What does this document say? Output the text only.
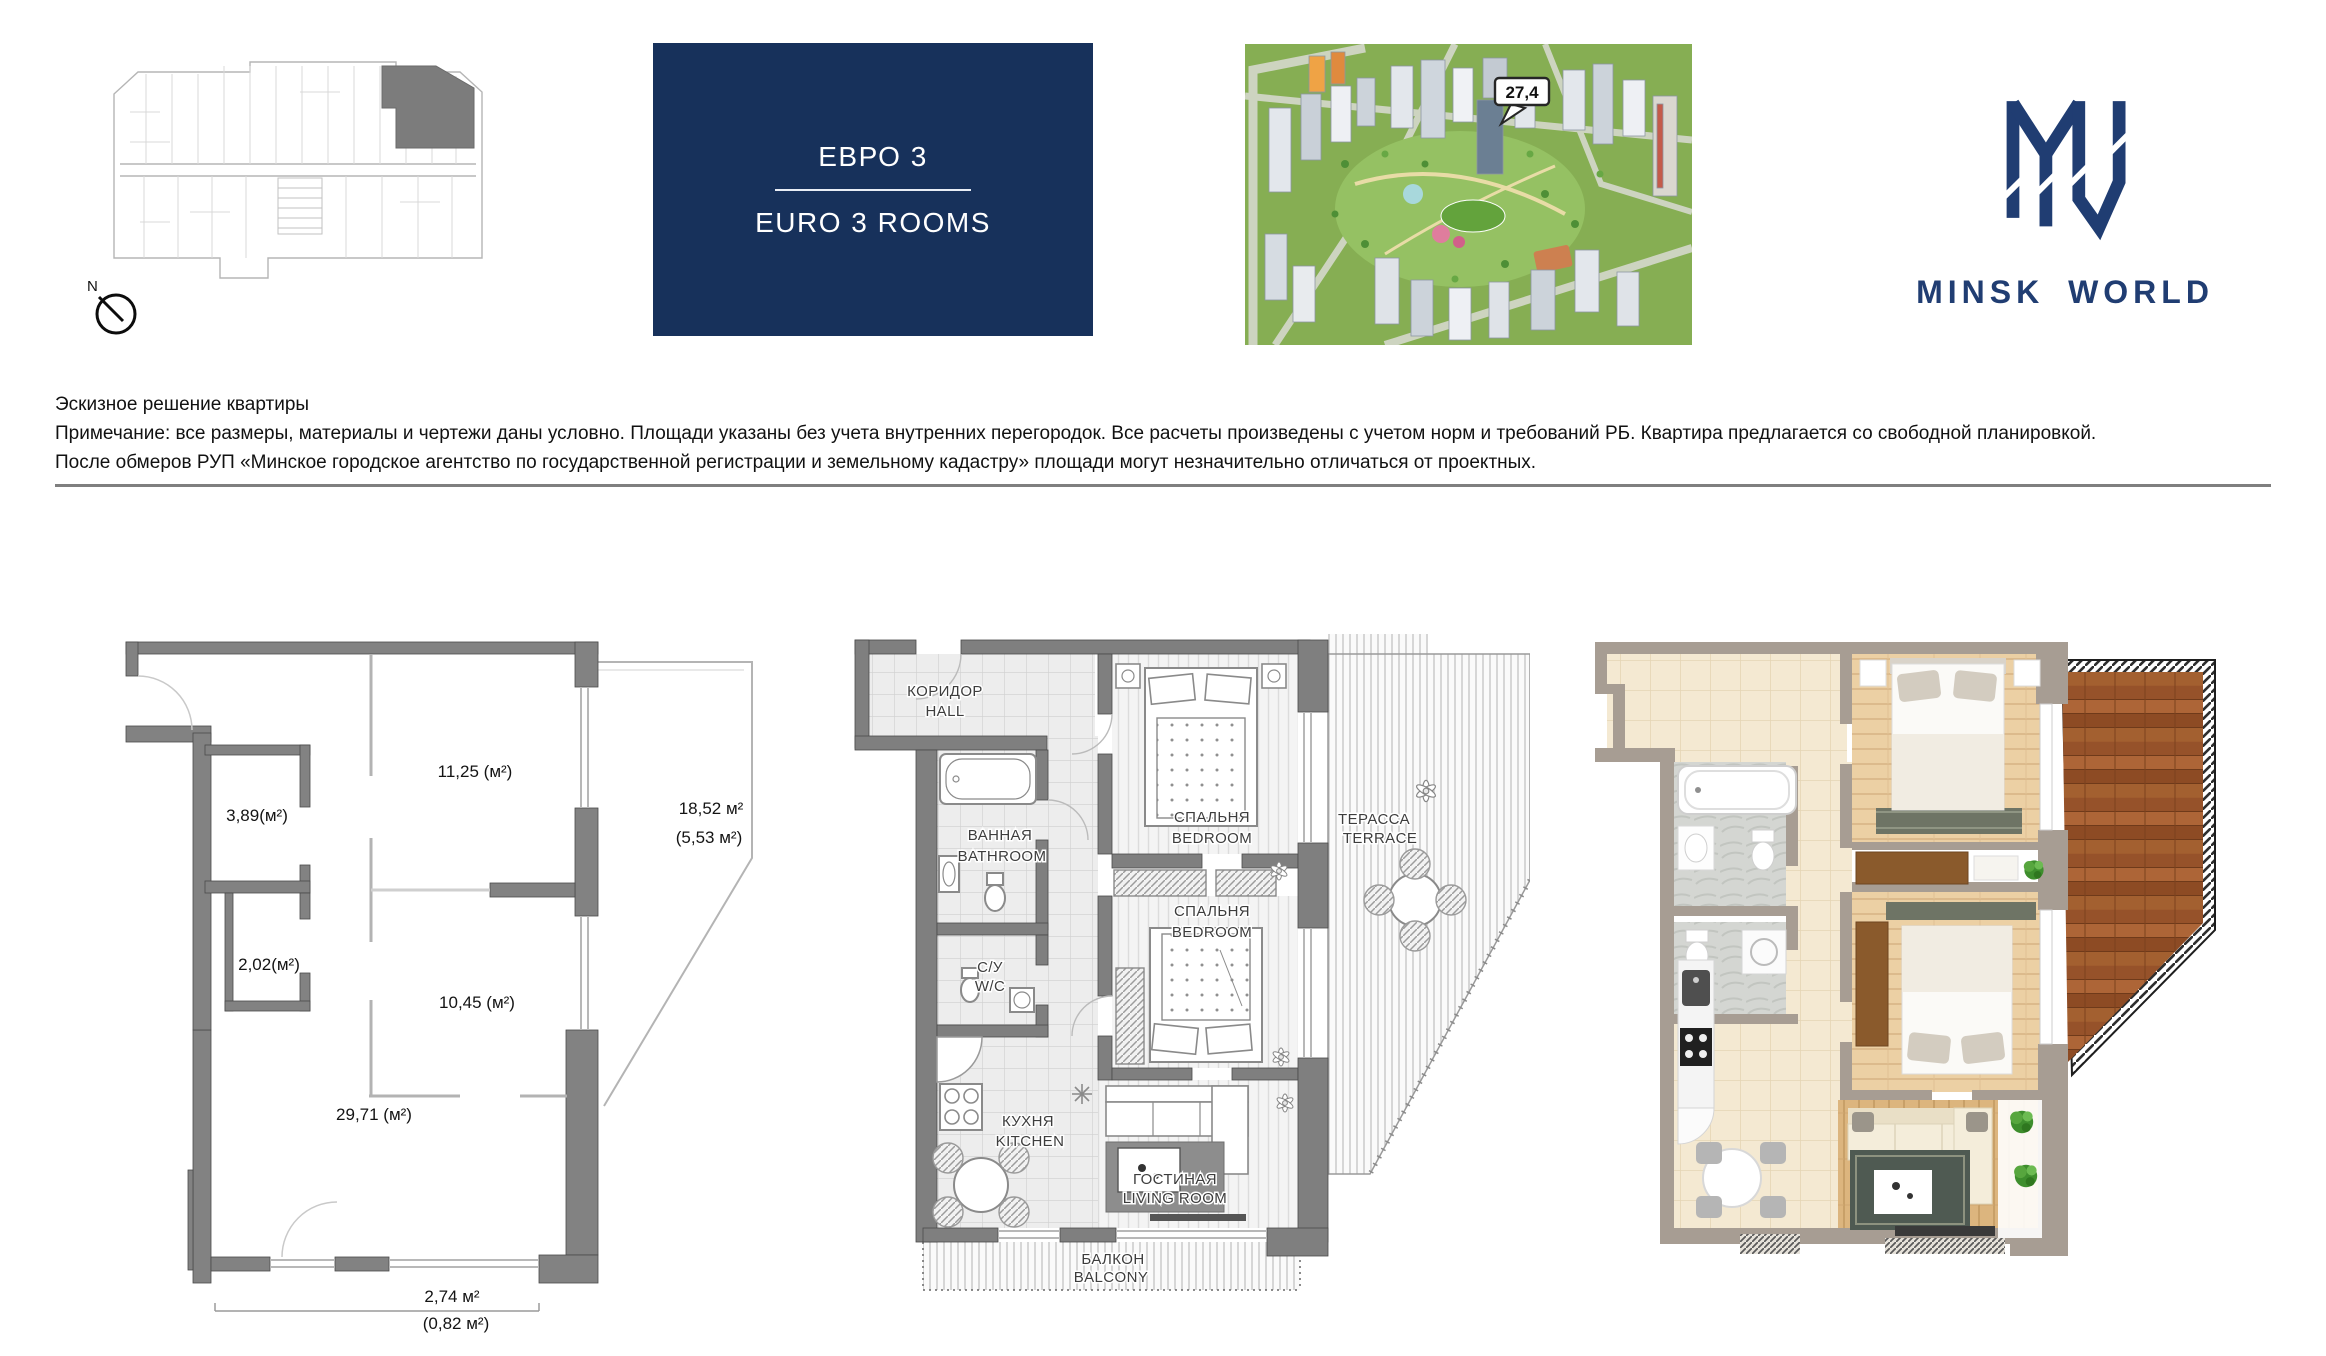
N
ЕВРО 3
EURO 3 ROOMS
27,4
MINSK WORLD
Эскизное решение квартиры
Примечание: все размеры, материалы и чертежи даны условно. Площади указаны без учета внутренних перегородок. Все расчеты произведены с учетом норм и требований РБ. Квартира предлагается со свободной планировкой.
После обмеров РУП «Минское городское агентство по государственной регистрации и земельному кадастру» площади могут незначительно отличаться от проектных.
3,89(м²)
11,25 (м²)
2,02(м²)
10,45 (м²)
29,71 (м²)
18,52 м²
(5,53 м²)
2,74 м²
(0,82 м²)
КОРИДОР
HALL
ВАННАЯ
BATHROOM
С/У
W/C
КУХНЯ
KITCHEN
СПАЛЬНЯ
BEDROOM
СПАЛЬНЯ
BEDROOM
ТЕРАССА
TERRACE
ГОСТИНАЯ
LIVING ROOM
БАЛКОН
BALCONY
